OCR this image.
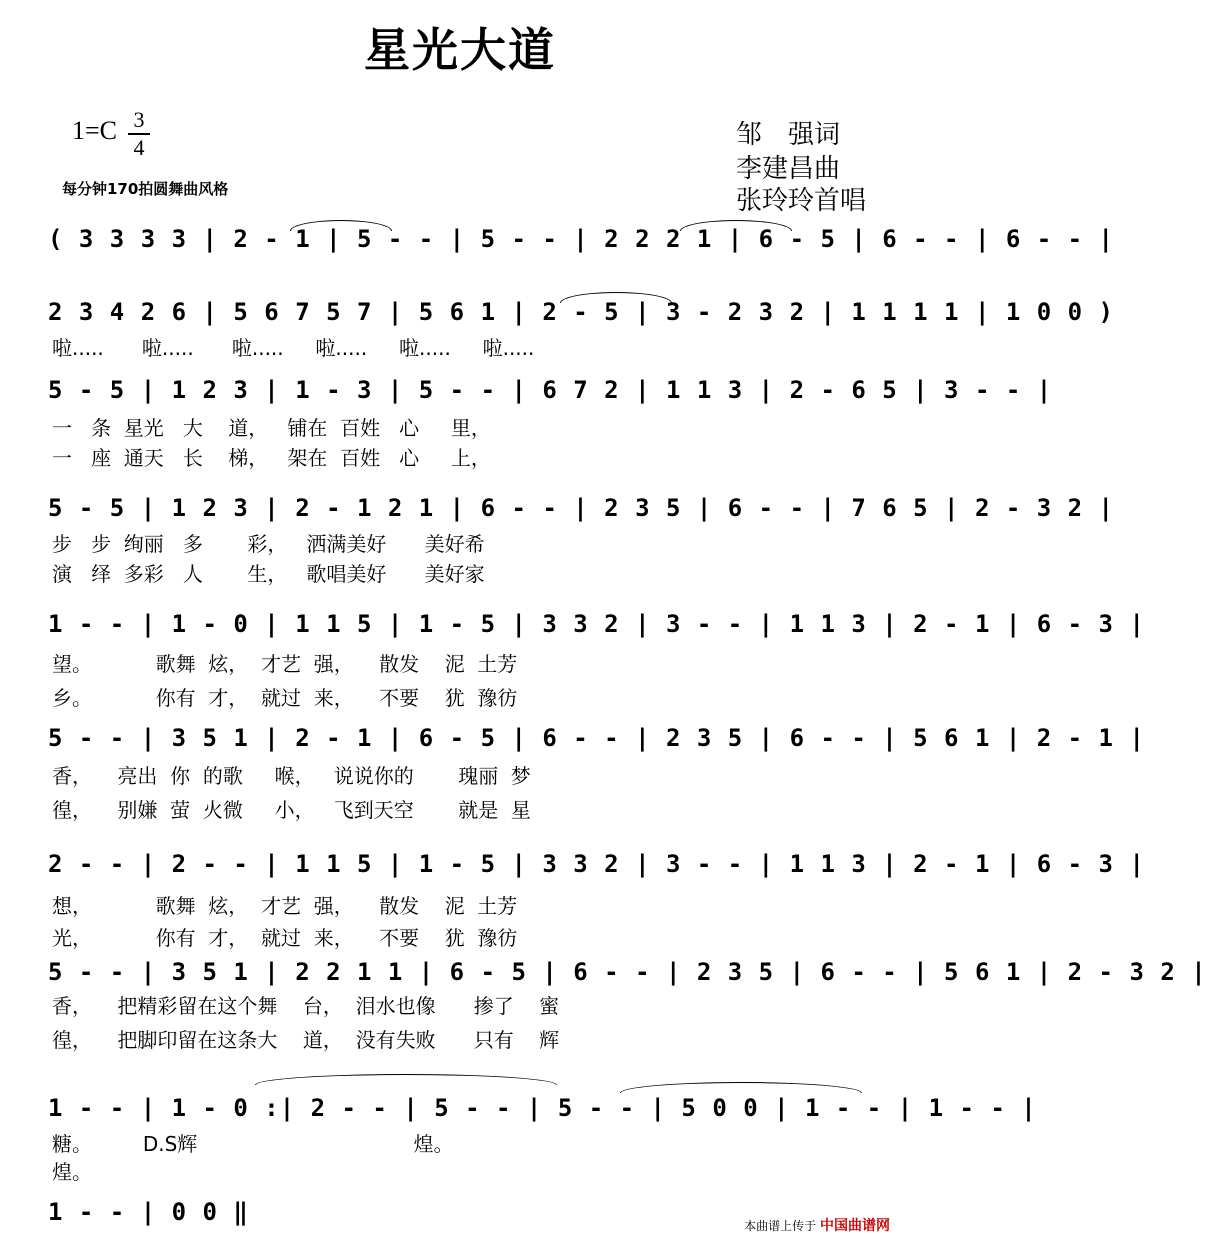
星光大道
1=C 3
4
每分钟170拍圆舞曲风格
邹　强词
李建昌曲
张玲玲首唱
( 3 3 3 3 | 2 - 1 | 5 - - | 5 - - | 2 2 2 1 | 6 - 5 | 6 - - | 6 - - |
2 3 4 2 6 | 5 6 7 5 7 | 5 6 1 | 2 - 5 | 3 - 2 3 2 | 1 1 1 1 | 1 0 0 )
啦.....      啦.....      啦.....     啦.....     啦.....     啦.....
5 - 5 | 1 2 3 | 1 - 3 | 5 - - | 6 7 2 | 1 1 3 | 2 - 6 5 | 3 - - |
一   条  星光   大    道，   铺在  百姓   心     里，
一   座  通天   长    梯，   架在  百姓   心     上，
5 - 5 | 1 2 3 | 2 - 1 2 1 | 6 - - | 2 3 5 | 6 - - | 7 6 5 | 2 - 3 2 |
步   步  绚丽   多       彩，   洒满美好      美好希
演   绎  多彩   人       生，   歌唱美好      美好家
1 - - | 1 - 0 | 1 1 5 | 1 - 5 | 3 3 2 | 3 - - | 1 1 3 | 2 - 1 | 6 - 3 |
望。          歌舞  炫，  才艺  强，    散发    泥  土芳
乡。          你有  才，  就过  来，    不要    犹  豫彷
5 - - | 3 5 1 | 2 - 1 | 6 - 5 | 6 - - | 2 3 5 | 6 - - | 5 6 1 | 2 - 1 |
香，    亮出  你  的歌     喉，   说说你的       瑰丽  梦
徨，    别嫌  萤  火微     小，   飞到天空       就是  星
2 - - | 2 - - | 1 1 5 | 1 - 5 | 3 3 2 | 3 - - | 1 1 3 | 2 - 1 | 6 - 3 |
想，          歌舞  炫，  才艺  强，    散发    泥  土芳
光，          你有  才，  就过  来，    不要    犹  豫彷
5 - - | 3 5 1 | 2 2 1 1 | 6 - 5 | 6 - - | 2 3 5 | 6 - - | 5 6 1 | 2 - 3 2 |
香，    把精彩留在这个舞    台，  泪水也像      掺了    蜜
徨，    把脚印留在这条大    道，  没有失败      只有    辉
1 - - | 1 - 0 :| 2 - - | 5 - - | 5 - - | 5 0 0 | 1 - - | 1 - - |
糖。        D.S辉                                  煌。
煌。
1 - - | 0 0 ‖	本曲谱上传于 中国曲谱网
